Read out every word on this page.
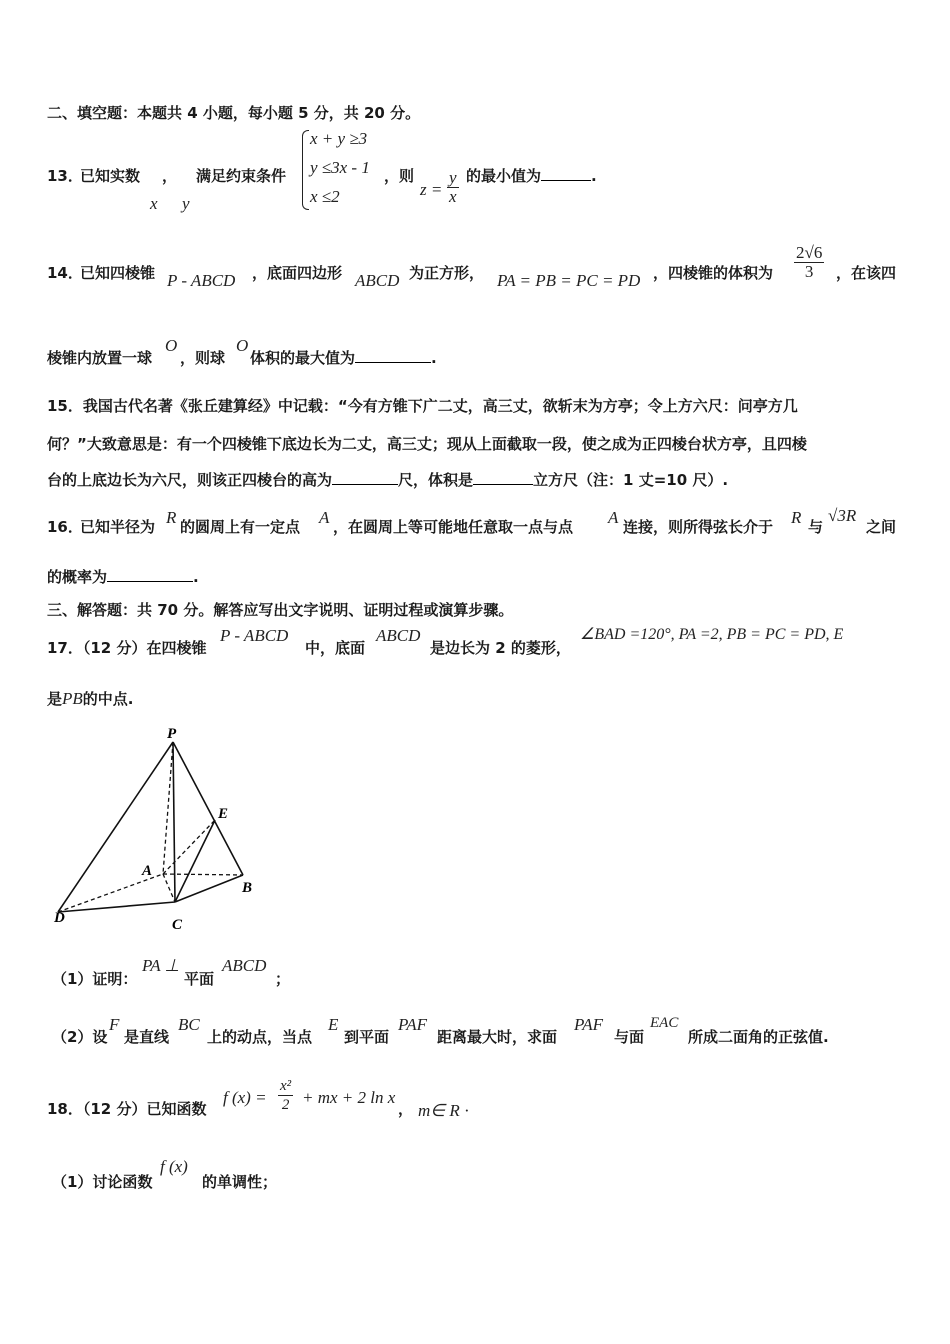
二、填空题：本题共 4 小题，每小题 5 分，共 20 分。
13．
已知实数 ，
x y
满足约束条件
x + y ≥3
y ≤3x - 1
x ≤2
，则
$z = \frac{y}{x}$ 的最小值为	.
14．
已知四棱锥 P - ABCD ，底面四边形 ABCD 为正方形， PA = PB = PC = PD ，四棱锥的体积为 $\frac{2√6}{3}$ ，在该四
棱锥内放置一球
O
，则球
O
体积的最大值为	.
15．我国古代名著《张丘建算经》中记载：“今有方锥下广二丈，高三丈，欲斩末为方亭；令上方六尺：问亭方几
何？”大致意思是：有一个四棱锥下底边长为二丈，高三丈；现从上面截取一段，使之成为正四棱台状方亭，且四棱
台的上底边长为六尺，则该正四棱台的高为	尺，体积是	立方尺（注：1 丈=10 尺）.
16．
已知半径为 R 的圆周上有一定点 A ，在圆周上等可能地任意取一点与点 A 连接，则所得弦长介于 R 与
√3R
之间
的概率为	.
三、解答题：共 70 分。解答应写出文字说明、证明过程或演算步骤。
17．（12 分）在四棱锥
P - ABCD
中，底面
ABCD
是边长为 2 的菱形，
∠BAD =120°, PA =2, PB = PC = PD, E
是PB的中点.
P
E
A
B
C
D
（1）证明：
PA ⊥
平面
ABCD
；
（2）设
F
是直线
BC
上的动点，当点
E
到平面
PAF
距离最大时，求面
PAF
与面
EAC
所成二面角的正弦值.
18．（12 分）已知函数
f $(x) = \frac{\text{x²}}{2}$ + mx + 2 ln x
， m∈ R ·
（1）讨论函数
f (x)
的单调性；
